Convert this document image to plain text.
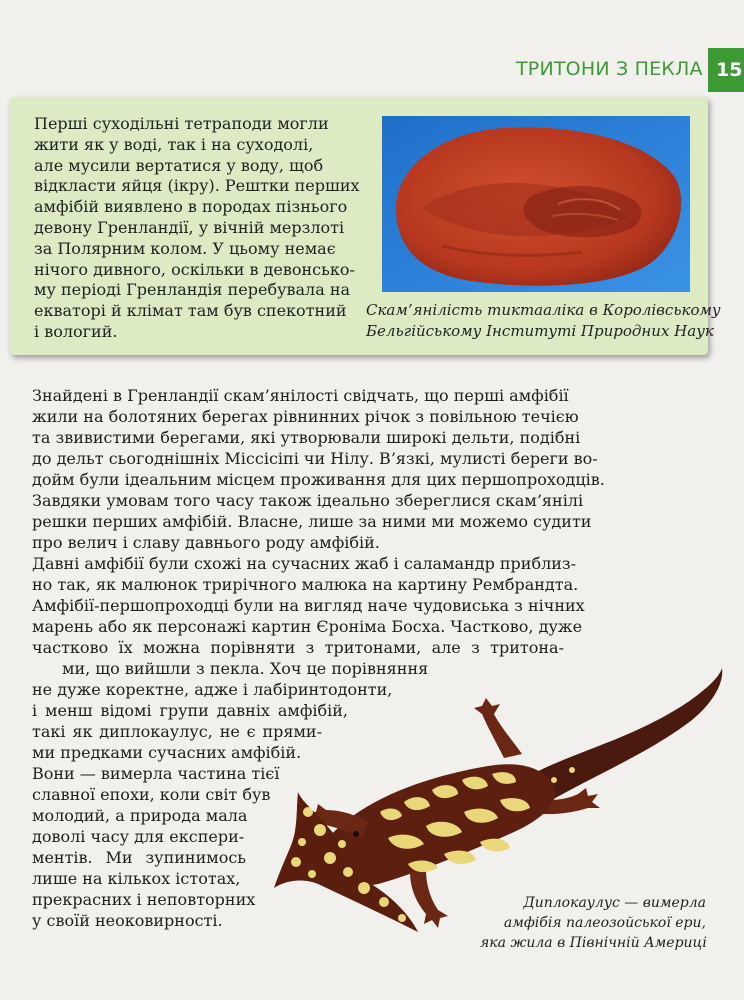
ТРИТОНИ З ПЕКЛА 15

Перші суходільні тетраподи могли
жити як у воді, так і на суходолі,
але мусили вертатися у воду, щоб
відкласти яйця (ікру). Рештки перших
амфібій виявлено в породах пізнього
девону Гренландії, у вічній мерзлоті
за Полярним колом. У цьому немає
нічого дивного, оскільки в девонсько-
му періоді Гренландія перебувала на
екваторі й клімат там був спекотний
і вологий.

Скам’янілість тиктааліка в Королівському
Бельгійському Інституті Природних Наук

Знайдені в Гренландії скам’янілості свідчать, що перші амфібії
жили на болотяних берегах рівнинних річок з повільною течією
та звивистими берегами, які утворювали широкі дельти, подібні
до дельт сьогоднішніх Міссісіпі чи Нілу. В’язкі, мулисті береги во-
дойм були ідеальним місцем проживання для цих першопроходців.
Завдяки умовам того часу також ідеально збереглися скам’янілі
решки перших амфібій. Власне, лише за ними ми можемо судити
про велич і славу давнього роду амфібій.
Давні амфібії були схожі на сучасних жаб і саламандр приблиз-
но так, як малюнок трирічного малюка на картину Рембрандта.
Амфібії-першопроходці були на вигляд наче чудовиська з нічних
марень або як персонажі картин Єроніма Босха. Частково, дуже
частково їх можна порівняти з тритонами, але з тритона-
ми, що вийшли з пекла. Хоч це порівняння
не дуже коректне, адже і лабіринтодонти,
і менш відомі групи давніх амфібій,
такі як диплокаулус, не є прями-
ми предками сучасних амфібій.
Вони — вимерла частина тієї
славної епохи, коли світ був
молодий, а природа мала
доволі часу для експери-
ментів. Ми зупинимось
лише на кількох істотах,
прекрасних і неповторних
у своїй неоковирності.

Диплокаулус — вимерла
амфібія палеозойської ери,
яка жила в Північній Америці
